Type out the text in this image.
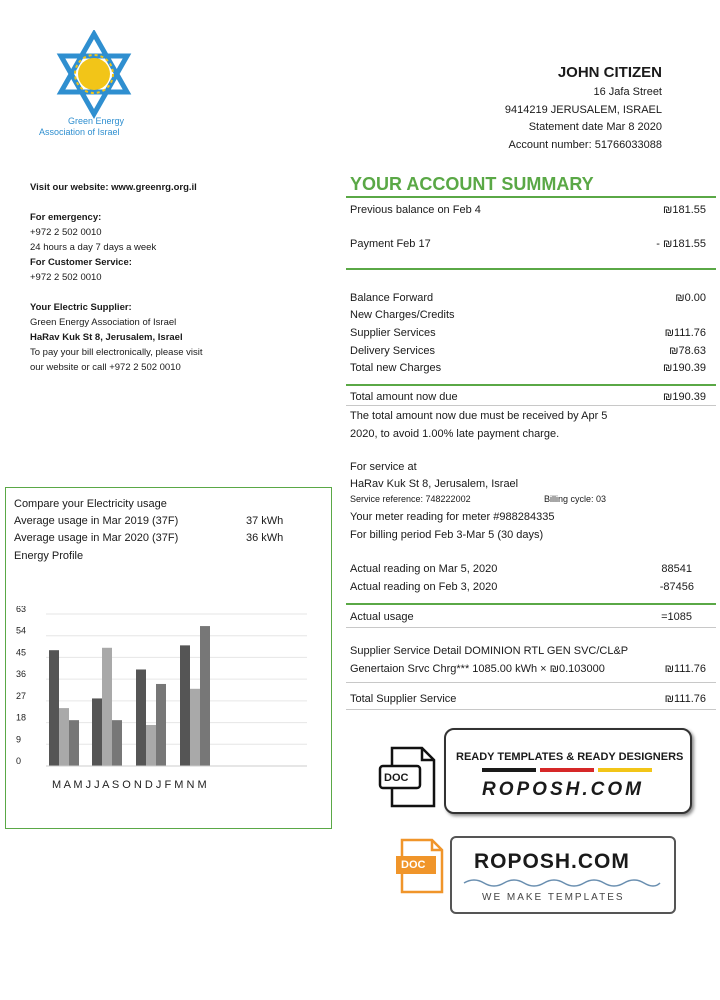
Green Energy
Association of Israel
JOHN CITIZEN
16 Jafa Street
9414219 JERUSALEM, ISRAEL
Statement date Mar 8 2020
Account number: 51766033088
Visit our website: www.greenrg.org.il
For emergency:
+972 2 502 0010
24 hours a day 7 days a week
For Customer Service:
+972 2 502 0010
Your Electric Supplier:
Green Energy Association of Israel
HaRav Kuk St 8, Jerusalem, Israel
To pay your bill electronically, please visit
our website or call +972 2 502 0010
YOUR ACCOUNT SUMMARY
Previous balance on Feb 4	₪181.55
Payment Feb 17	- ₪181.55
Balance Forward	₪0.00
New Charges/Credits
Supplier Services	₪111.76
Delivery Services	₪78.63
Total new Charges	₪190.39
Total amount now due	₪190.39
The total amount now due must be received by Apr 5
2020, to avoid 1.00% late payment charge.
For service at
HaRav Kuk St 8, Jerusalem, Israel
Service reference: 748222002	Billing cycle: 03
Your meter reading for meter #988284335
For billing period Feb 3-Mar 5 (30 days)
Actual reading on Mar 5, 2020	88541
Actual reading on Feb 3, 2020	-87456
Actual usage	=1085
Supplier Service Detail DOMINION RTL GEN SVC/CL&P
Genertaion Srvc Chrg*** 1085.00 kWh × ₪0.103000	₪111.76
Total Supplier Service	₪111.76
Compare your Electricity usage
Average usage in Mar 2019 (37F)	37 kWh
Average usage in Mar 2020 (37F)	36 kWh
Energy Profile
63
54
45
36
27
18
9
0
M A M J J A S O N D J F M N M
DOC
READY TEMPLATES & READY DESIGNERS
ROPOSH.COM
DOC ROPOSH.COM
WE MAKE TEMPLATES
